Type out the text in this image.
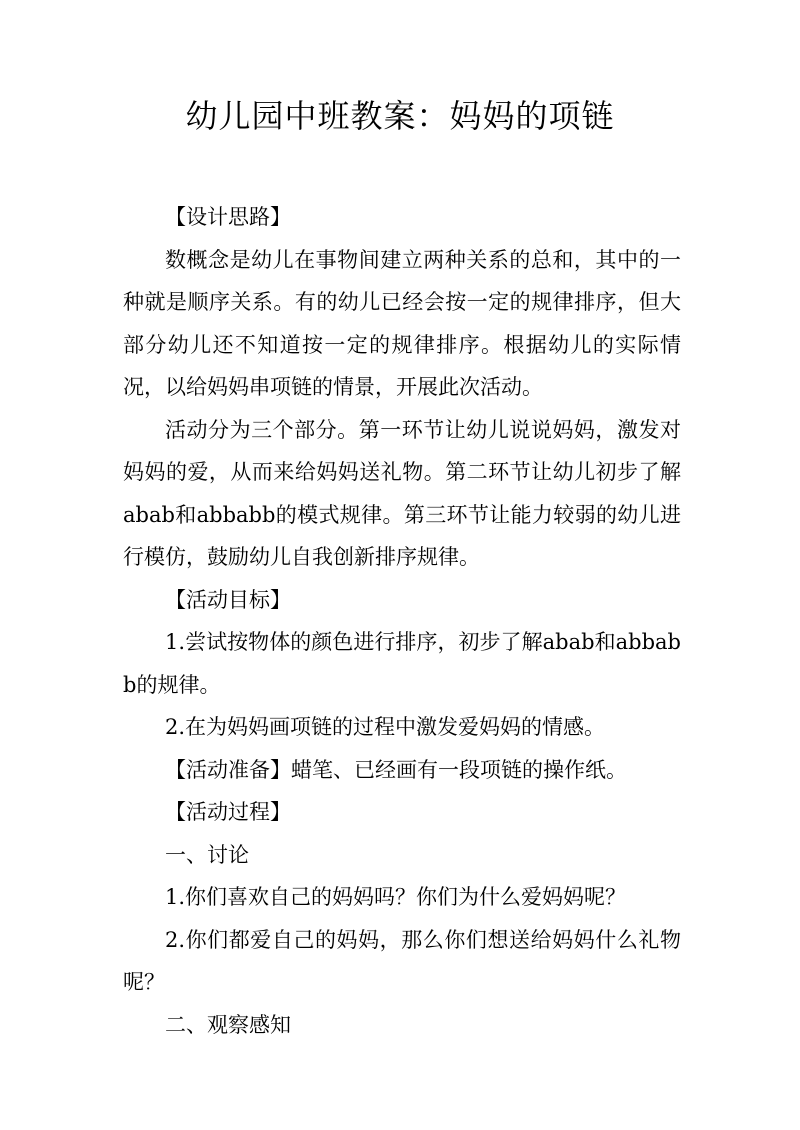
幼儿园中班教案：妈妈的项链

【设计思路】

数概念是幼儿在事物间建立两种关系的总和，其中的一种就是顺序关系。有的幼儿已经会按一定的规律排序，但大部分幼儿还不知道按一定的规律排序。根据幼儿的实际情况，以给妈妈串项链的情景，开展此次活动。

活动分为三个部分。第一环节让幼儿说说妈妈，激发对妈妈的爱，从而来给妈妈送礼物。第二环节让幼儿初步了解abab和abbabb的模式规律。第三环节让能力较弱的幼儿进行模仿，鼓励幼儿自我创新排序规律。

【活动目标】

1.尝试按物体的颜色进行排序，初步了解abab和abbabb的规律。

2.在为妈妈画项链的过程中激发爱妈妈的情感。

【活动准备】蜡笔、已经画有一段项链的操作纸。

【活动过程】

一、讨论

1.你们喜欢自己的妈妈吗？你们为什么爱妈妈呢？

2.你们都爱自己的妈妈，那么你们想送给妈妈什么礼物呢？

二、观察感知
